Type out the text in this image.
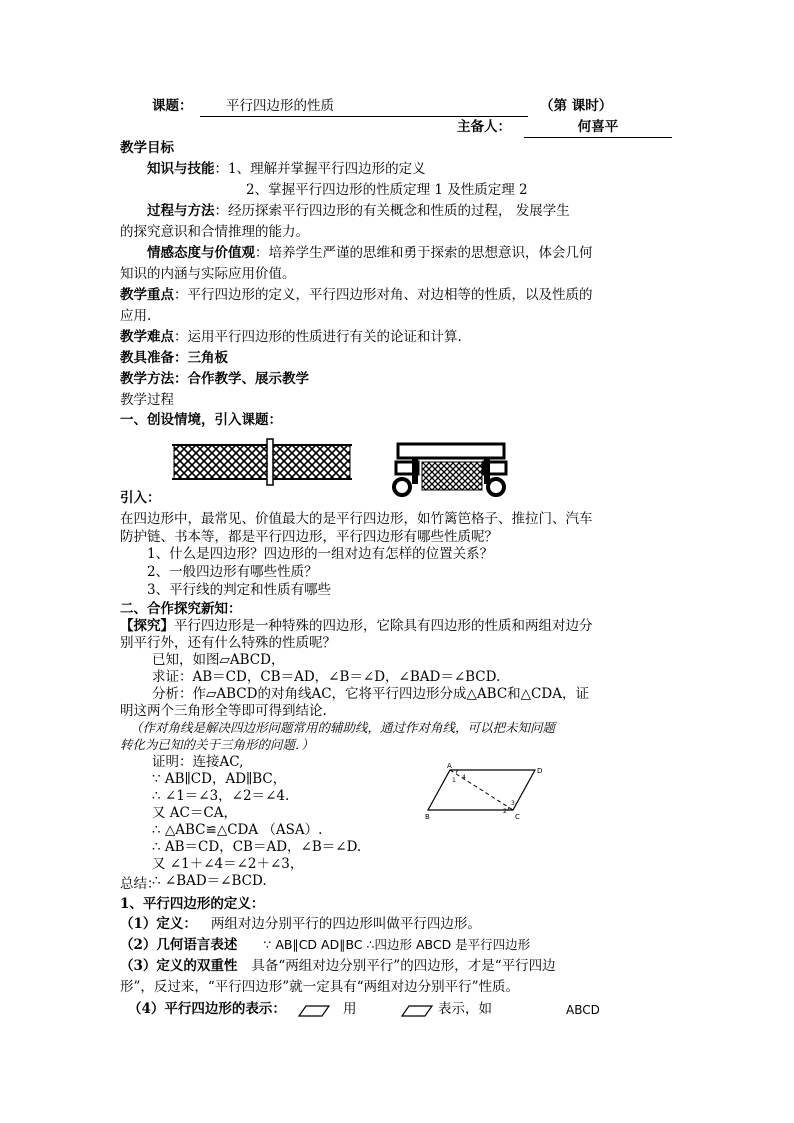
课题：	平行四边形的性质	（第 课时）
主备人：	何喜平
教学目标
知识与技能：1、理解并掌握平行四边形的定义
2、掌握平行四边形的性质定理 1 及性质定理 2
过程与方法：经历探索平行四边形的有关概念和性质的过程， 发展学生
的探究意识和合情推理的能力。
情感态度与价值观：培养学生严谨的思维和勇于探索的思想意识，体会几何
知识的内涵与实际应用价值。
教学重点：平行四边形的定义，平行四边形对角、对边相等的性质，以及性质的
应用.
教学难点：运用平行四边形的性质进行有关的论证和计算.
教具准备：三角板
教学方法：合作教学、展示教学
教学过程
一、创设情境，引入课题：
引入：
在四边形中，最常见、价值最大的是平行四边形，如竹篱笆格子、推拉门、汽车
防护链、书本等，都是平行四边形，平行四边形有哪些性质呢？
1、什么是四边形？四边形的一组对边有怎样的位置关系？
2、一般四边形有哪些性质？
3、平行线的判定和性质有哪些
二、合作探究新知：
【探究】平行四边形是一种特殊的四边形，它除具有四边形的性质和两组对边分
别平行外，还有什么特殊的性质呢？
已知，如图▱ABCD，
求证：AB＝CD，CB＝AD，∠B＝∠D，∠BAD＝∠BCD.
分析：作▱ABCD的对角线AC，它将平行四边形分成△ABC和△CDA，证
明这两个三角形全等即可得到结论.
（作对角线是解决四边形问题常用的辅助线，通过作对角线，可以把未知问题
转化为已知的关于三角形的问题．）
证明：连接AC,
∵ AB∥CD，AD∥BC，
∴ ∠1＝∠3，∠2＝∠4.
又 AC＝CA，
∴ △ABC≌△CDA （ASA）.
∴ AB＝CD，CB＝AD，∠B＝∠D.
又 ∠1＋∠4＝∠2＋∠3，
∴ ∠BAD＝∠BCD.
A
D
C
B
1 4
2
3
总结：
1、平行四边形的定义：
（1）定义： 两组对边分别平行的四边形叫做平行四边形。
（2）几何语言表述 ∵ AB∥CD AD∥BC ∴四边形 ABCD 是平行四边形
（3）定义的双重性 具备“两组对边分别平行”的四边形，才是“平行四边
形”，反过来，“平行四边形”就一定具有“两组对边分别平行”性质。
（4）平行四边形的表示：	用	表示，如	ABCD
